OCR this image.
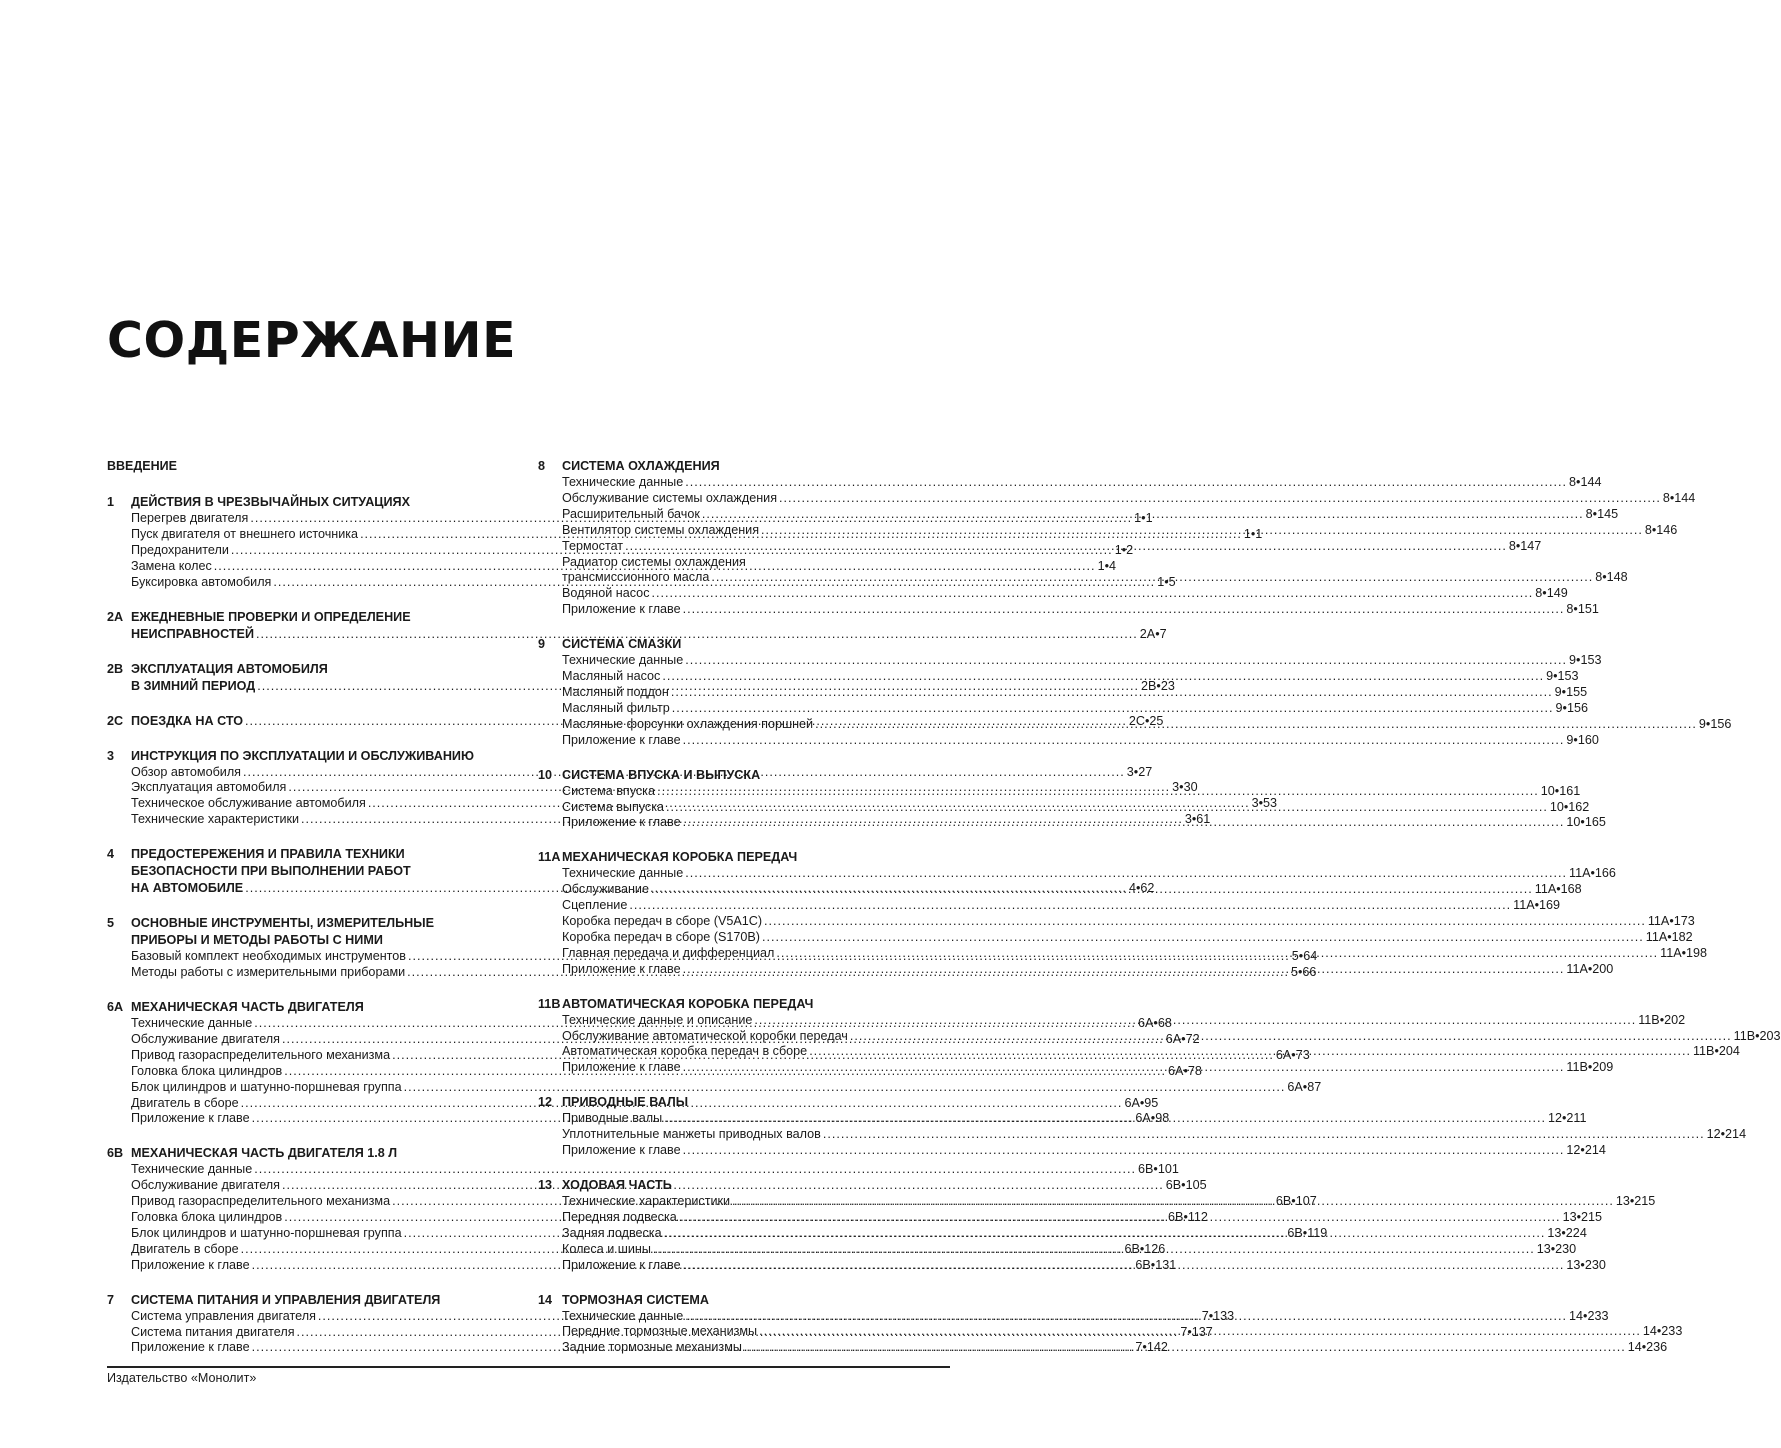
СОДЕРЖАНИЕ
ВВЕДЕНИЕ
1	ДЕЙСТВИЯ В ЧРЕЗВЫЧАЙНЫХ СИТУАЦИЯХ
Перегрев двигателя .....	1•1
Пуск двигателя от внешнего источника .....	1•1
Предохранители .....	1•2
Замена колес .....	1•4
Буксировка автомобиля .....	1•5
2A ЕЖЕДНЕВНЫЕ ПРОВЕРКИ И ОПРЕДЕЛЕНИЕ
НЕИСПРАВНОСТЕЙ .....	2А•7
2B ЭКСПЛУАТАЦИЯ АВТОМОБИЛЯ
В ЗИМНИЙ ПЕРИОД .....	2В•23
2C ПОЕЗДКА НА СТО .....	2С•25
3	ИНСТРУКЦИЯ ПО ЭКСПЛУАТАЦИИ И ОБСЛУЖИВАНИЮ
Обзор автомобиля .....	3•27
Эксплуатация автомобиля .....	3•30
Техническое обслуживание автомобиля .....	3•53
Технические характеристики .....	3•61
4	ПРЕДОСТЕРЕЖЕНИЯ И ПРАВИЛА ТЕХНИКИ
БЕЗОПАСНОСТИ ПРИ ВЫПОЛНЕНИИ РАБОТ
НА АВТОМОБИЛЕ .....	4•62
5	ОСНОВНЫЕ ИНСТРУМЕНТЫ, ИЗМЕРИТЕЛЬНЫЕ
ПРИБОРЫ И МЕТОДЫ РАБОТЫ С НИМИ
Базовый комплект необходимых инструментов .....	5•64
Методы работы с измерительными приборами .....	5•66
6A МЕХАНИЧЕСКАЯ ЧАСТЬ ДВИГАТЕЛЯ
Технические данные .....	6А•68
Обслуживание двигателя .....	6А•72
Привод газораспределительного механизма .....	6А•73
Головка блока цилиндров .....	6А•78
Блок цилиндров и шатунно-поршневая группа .....	6А•87
Двигатель в сборе .....	6А•95
Приложение к главе .....	6А•98
6B МЕХАНИЧЕСКАЯ ЧАСТЬ ДВИГАТЕЛЯ 1.8 Л
Технические данные .....	6В•101
Обслуживание двигателя .....	6В•105
Привод газораспределительного механизма .....	6В•107
Головка блока цилиндров .....	6В•112
Блок цилиндров и шатунно-поршневая группа .....	6В•119
Двигатель в сборе .....	6В•126
Приложение к главе .....	6В•131
7	СИСТЕМА ПИТАНИЯ И УПРАВЛЕНИЯ ДВИГАТЕЛЯ
Система управления двигателя .....	7•133
Система питания двигателя .....	7•137
Приложение к главе .....	7•142
8	СИСТЕМА ОХЛАЖДЕНИЯ
Технические данные .....	8•144
Обслуживание системы охлаждения .....	8•144
Расширительный бачок .....	8•145
Вентилятор системы охлаждения .....	8•146
Термостат .....	8•147
Радиатор системы охлаждения
трансмиссионного масла .....	8•148
Водяной насос .....	8•149
Приложение к главе .....	8•151
9	СИСТЕМА СМАЗКИ
Технические данные .....	9•153
Масляный насос .....	9•153
Масляный поддон .....	9•155
Масляный фильтр .....	9•156
Масляные форсунки охлаждения поршней .....	9•156
Приложение к главе .....	9•160
10 СИСТЕМА ВПУСКА И ВЫПУСКА
Система впуска .....	10•161
Система выпуска .....	10•162
Приложение к главе .....	10•165
11A МЕХАНИЧЕСКАЯ КОРОБКА ПЕРЕДАЧ
Технические данные .....	11А•166
Обслуживание .....	11А•168
Сцепление .....	11А•169
Коробка передач в сборе (V5A1C) .....	11А•173
Коробка передач в сборе (S170B) .....	11А•182
Главная передача и дифференциал .....	11А•198
Приложение к главе .....	11А•200
11B АВТОМАТИЧЕСКАЯ КОРОБКА ПЕРЕДАЧ
Технические данные и описание .....	11В•202
Обслуживание автоматической коробки передач .....	11В•203
Автоматическая коробка передач в сборе .....	11В•204
Приложение к главе .....	11В•209
12 ПРИВОДНЫЕ ВАЛЫ
Приводные валы .....	12•211
Уплотнительные манжеты приводных валов .....	12•214
Приложение к главе .....	12•214
13 ХОДОВАЯ ЧАСТЬ
Технические характеристики .....	13•215
Передняя подвеска .....	13•215
Задняя подвеска .....	13•224
Колеса и шины .....	13•230
Приложение к главе .....	13•230
14 ТОРМОЗНАЯ СИСТЕМА
Технические данные .....	14•233
Передние тормозные механизмы .....	14•233
Задние тормозные механизмы .....	14•236
Издательство «Монолит»
